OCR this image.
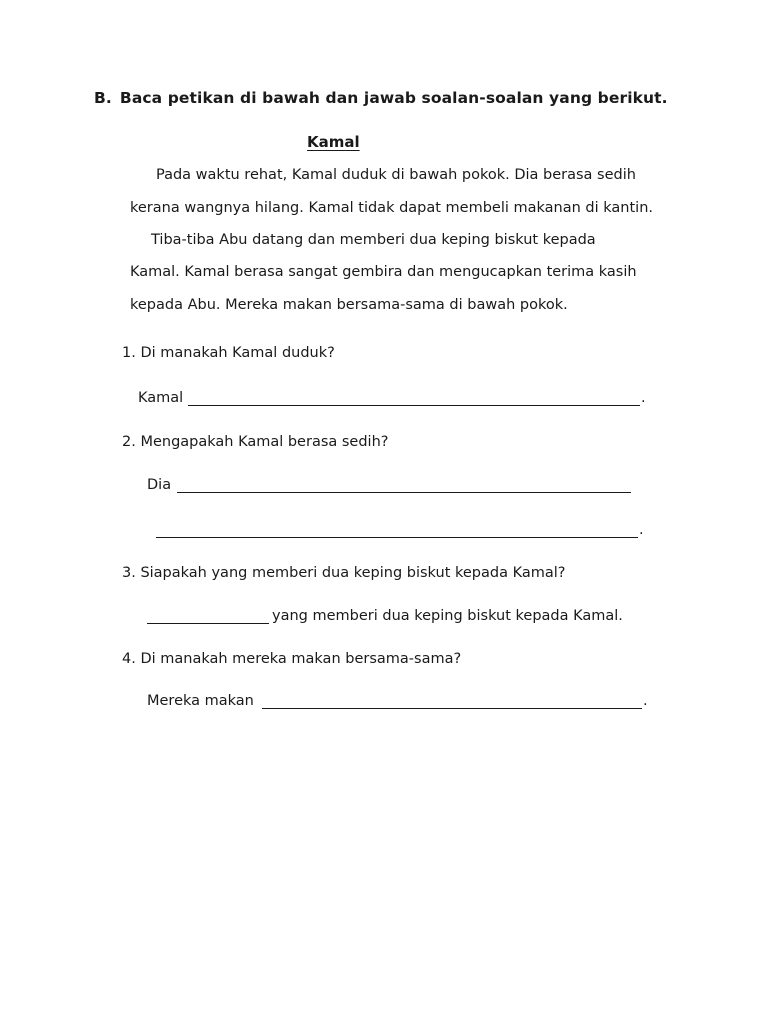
B. Baca petikan di bawah dan jawab soalan-soalan yang berikut.
Kamal
Pada waktu rehat, Kamal duduk di bawah pokok. Dia berasa sedih
kerana wangnya hilang. Kamal tidak dapat membeli makanan di kantin.
Tiba-tiba Abu datang dan memberi dua keping biskut kepada
Kamal. Kamal berasa sangat gembira dan mengucapkan terima kasih
kepada Abu. Mereka makan bersama-sama di bawah pokok.
1. Di manakah Kamal duduk?
Kamal	.
2. Mengapakah Kamal berasa sedih?
Dia
.
3. Siapakah yang memberi dua keping biskut kepada Kamal?
yang memberi dua keping biskut kepada Kamal.
4. Di manakah mereka makan bersama-sama?
Mereka makan	.
